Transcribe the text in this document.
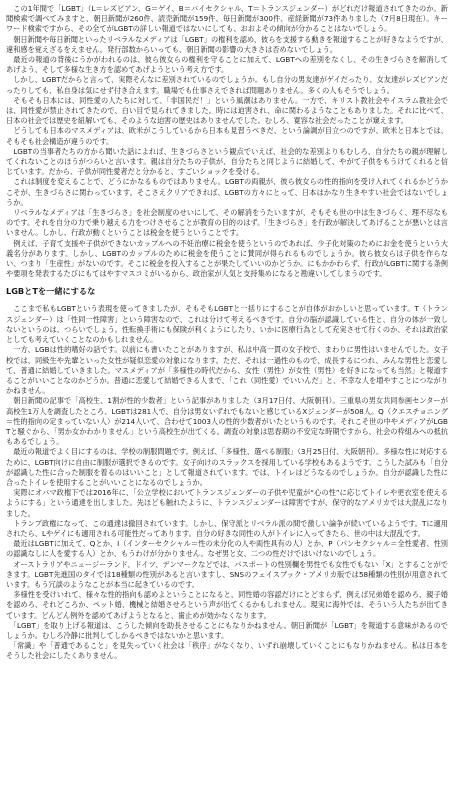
　この1年間で「LGBT」（L＝レズビアン、G＝ゲイ、B＝バイセクシャル、T＝トランスジェンダー）がどれだけ報道されてきたのか。新聞検索で調べてみますと、朝日新聞が260件、読売新聞が159件、毎日新聞が300件、産経新聞が73件ありました（7月8日現在）。キーワード検索ですから、その全てがLGBTの詳しい報道ではないにしても、おおよその傾向が分かることはないでしょう。

　朝日新聞や毎日新聞といったリベラルなメディアは「LGBT」の権利を認め、彼らを支援する動きを報道することが好きなようですが、違和感を覚えざるをえません。発行部数からいっても、朝日新聞の影響の大きさは否めないでしょう。

　最近の報道の背後にうかがわれるのは、彼ら彼女らの権利を守ることに加えて、LGBTへの差別をなくし、その生きづらさを解消してあげよう、そして多様な生き方を認めてあげようという考え方です。

　しかし、LGBTだからと言って、実際そんなに差別されているのでしょうか。もし自分の男友達がゲイだったり、女友達がレズビアンだったりしても、私自身は気にせず付き合えます。職場でも仕事さえできれば問題ありません。多くの人もそうでしょう。

　そもそも日本には、同性愛の人たちに対して、「非国民だ！」という風潮はありません。一方で、キリスト教社会やイスラム教社会では、同性愛が禁止されてきたので、白い目で見られてきました。時には迫害され、命に関わるようなこともありました。それに比べて、日本の社会では歴史を紐解いても、そのような迫害の歴史はありませんでした。むしろ、寛容な社会だったことが窺えます。

　どうしても日本のマスメディアは、欧米がこうしているから日本も見習うべきだ、という論調が目立つのですが、欧米と日本とでは、そもそも社会構造が違うのです。

　LGBTの当事者たちの方から聞いた話によれば、生きづらさという観点でいえば、社会的な差別よりもむしろ、自分たちの親が理解してくれないことのほうがつらいと言います。親は自分たちの子供が、自分たちと同じように結婚して、やがて子供をもうけてくれると信じています。だから、子供が同性愛者だと分かると、すごいショックを受ける。

　これは制度を変えることで、どうにかなるものではありません。LGBTの両親が、彼ら彼女らの性的指向を受け入れてくれるかどうかこそが、生きづらさに関わっています。そこさえクリアできれば、LGBTの方々にとって、日本はかなり生きやすい社会ではないでしょうか。

　リベラルなメディアは「生きづらさ」を社会制度のせいにして、その解消をうたいますが、そもそも世の中は生きづらく、理不尽なものです。それを自分の力で乗り越える力をつけさせることが教育の目的のはず。「生きづらさ」を行政が解決してあげることが悪いとは言いません。しかし、行政が動くということは税金を使うということです。

　例えば、子育て支援や子供ができないカップルへの不妊治療に税金を使うというのであれば、少子化対策のためにお金を使うという大義名分があります。しかし、LGBTのカップルのために税金を使うことに賛同が得られるものでしょうか。彼ら彼女らは子供を作らない、つまり「生産性」がないのです。そこに税金を投入することが果たしていいのかどうか。にもかかわらず、行政がLGBTに関する条例や要項を発表するたびにもてはやすマスコミがいるから、政治家が人気と支持集めになると勘違いしてしまうのです。

LGBとTを一緒にするな

　ここまで私もLGBTという表現を使ってきましたが、そもそもLGBTと一括りにすることが自体がおかしいと思っています。T（トランスジェンダー）は「性同一性障害」という障害なので、これは分けて考えるべきです。自分の脳が認識している性と、自分の体が一致しないというのは、つらいでしょう。性転換手術にも保険が利くようにしたり、いかに医療行為として充実させて行くのか、それは政治家としても考えていくことなのかもしれません。

　一方、LGBは性的嗜好の話です。以前にも書いたことがありますが、私は中高一貫の女子校で、まわりに男性はいませんでした。女子校では、同級生や先輩といった女性が疑似恋愛の対象になります。ただ、それは一過性のもので、成長するにつれ、みんな男性と恋愛して、普通に結婚していきました。マスメディアが「多様性の時代だから、女性（男性）が女性（男性）を好きになっても当然」と報道することがいいことなのかどうか。普通に恋愛して結婚できる人まで、「これ（同性愛）でいいんだ」と、不幸な人を増やすことにつながりかねません。

　朝日新聞の記事で「高校生、1割が性的少数者」という記事がありました（3月17日付、大阪朝刊）。三重県の男女共同参画センターが高校生1万人を調査したところ、LGBTは281人で、自分は男女いずれでもないと感じているXジェンダーが508人。Q（クエスチョニング＝性的指向の定まっていない人）が214人いて、合わせて1003人の性的少数者がいたというものです。それこそ世の中やメディアがLGBTと騒ぐから、「男か女かわかりません」という高校生が出てくる。調査の対象は思春期の不安定な時期ですから、社会の枠組みへの抵抗もあるでしょう。

　最近の報道でよく目にするのは、学校の制服問題です。例えば、「多様性、選べる制服」（3月25日付、大阪朝刊）。多様な性に対応するために、LGBT向けに自由に制服が選択できるのです。女子向けのスラックスを採用している学校もあるようです。こうした試みも「自分が認識した性に合った制服を着るのはいいこと」として報道されています。では、トイレはどうなるのでしょうか。自分が認識した性に合ったトイレを使用することがいいことになるのでしょうか。

　実際にオバマ政権下では2016年に、「公立学校においてトランスジェンダーの子供や児童が“心の性”に応じてトイレや更衣室を使えるようにする」という通達を出しました。先ほども触れたように、トランスジェンダーは障害ですが、保守的なアメリカでは大混乱になりました。

　トランプ政権になって、この通達は撤回されています。しかし、保守派とリベラル派の間で激しい論争が続いているようです。Tに適用されたら、Lやゲイにも適用される可能性だってあります。自分の好きな同性の人がトイレに入ってきたら、世の中は大混乱です。

　最近はLGBTに加えて、Qとか、I（インターセクシャル＝性の未分化の人や両性具有の人）とか、P（パンセクシャル＝全性愛者、性別の認識なしに人を愛する人）とか、もうわけが分かりません。なぜ男と女、二つの性だけではいけないのでしょう。

　オーストラリアやニュージーランド、ドイツ、デンマークなどでは、パスポートの性別欄を男性でも女性でもない「X」とすることができます。LGBT先進国のタイでは18種類の性別があると言いますし、SNSのフェイスブック・アメリカ版では58種類の性別が用意されています。もう冗談のようなことが本当に起きているのです。

　多様性を受けいれて、様々な性的指向も認めよということになると、同性婚の容認だけにとどまらず、例えば兄弟婚を認めろ、親子婚を認めろ、それどころか、ペット婚、機械と結婚させろという声が出てくるかもしれません。現実に海外では、そういう人たちが出てきています。どんどん例外を認めてあげようとなると、歯止めが効かなくなります。

　「LGBT」を取り上げる報道は、こうした傾向を助長させることにもなりかねません。朝日新聞が「LGBT」を報道する意味があるのでしょうか。むしろ冷静に批判してしかるべきではないかと思います。

　「常識」や「普通であること」を見失っていく社会は「秩序」がなくなり、いずれ崩壊していくことにもなりかねません。私は日本をそうした社会にしたくありません。
